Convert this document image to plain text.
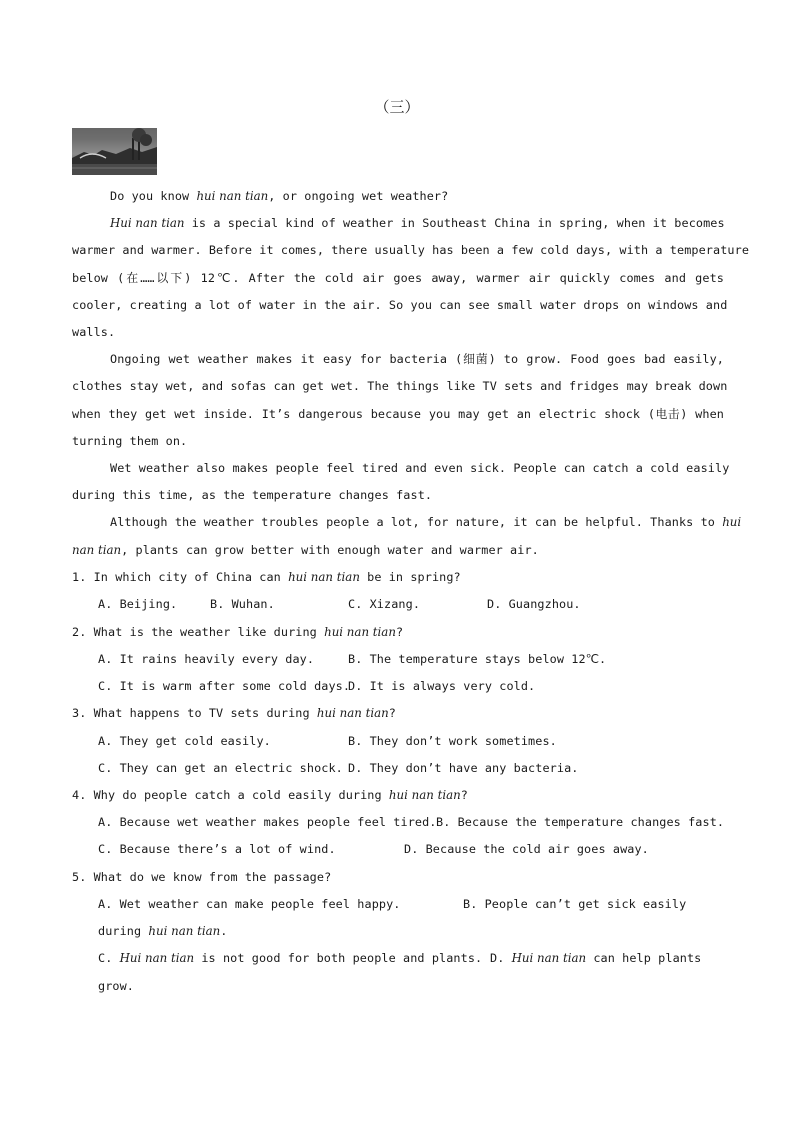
（三）
Do you know hui nan tian, or ongoing wet weather?
Hui nan tian is a special kind of weather in Southeast China in spring, when it becomes
warmer and warmer. Before it comes, there usually has been a few cold days, with a temperature
below (在……以下) 12℃. After the cold air goes away, warmer air quickly comes and gets
cooler, creating a lot of water in the air. So you can see small water drops on windows and
walls.
Ongoing wet weather makes it easy for bacteria (细菌) to grow. Food goes bad easily,
clothes stay wet, and sofas can get wet. The things like TV sets and fridges may break down
when they get wet inside. It’s dangerous because you may get an electric shock (电击) when
turning them on.
Wet weather also makes people feel tired and even sick. People can catch a cold easily
during this time, as the temperature changes fast.
Although the weather troubles people a lot, for nature, it can be helpful. Thanks to hui
nan tian, plants can grow better with enough water and warmer air.
1. In which city of China can hui nan tian be in spring?
A. Beijing.	B. Wuhan.	C. Xizang.	D. Guangzhou.
2. What is the weather like during hui nan tian?
A. It rains heavily every day.	B. The temperature stays below 12℃.
C. It is warm after some cold days.
D. It is always very cold.
3. What happens to TV sets during hui nan tian?
A. They get cold easily.	B. They don’t work sometimes.
C. They can get an electric shock. D. They don’t have any bacteria.
4. Why do people catch a cold easily during hui nan tian?
A. Because wet weather makes people feel tired. B. Because the temperature changes fast.
C. Because there’s a lot of wind.	D. Because the cold air goes away.
5. What do we know from the passage?
A. Wet weather can make people feel happy.	B. People can’t get sick easily
during hui nan tian.
C. Hui nan tian is not good for both people and plants. D. Hui nan tian can help plants
grow.
